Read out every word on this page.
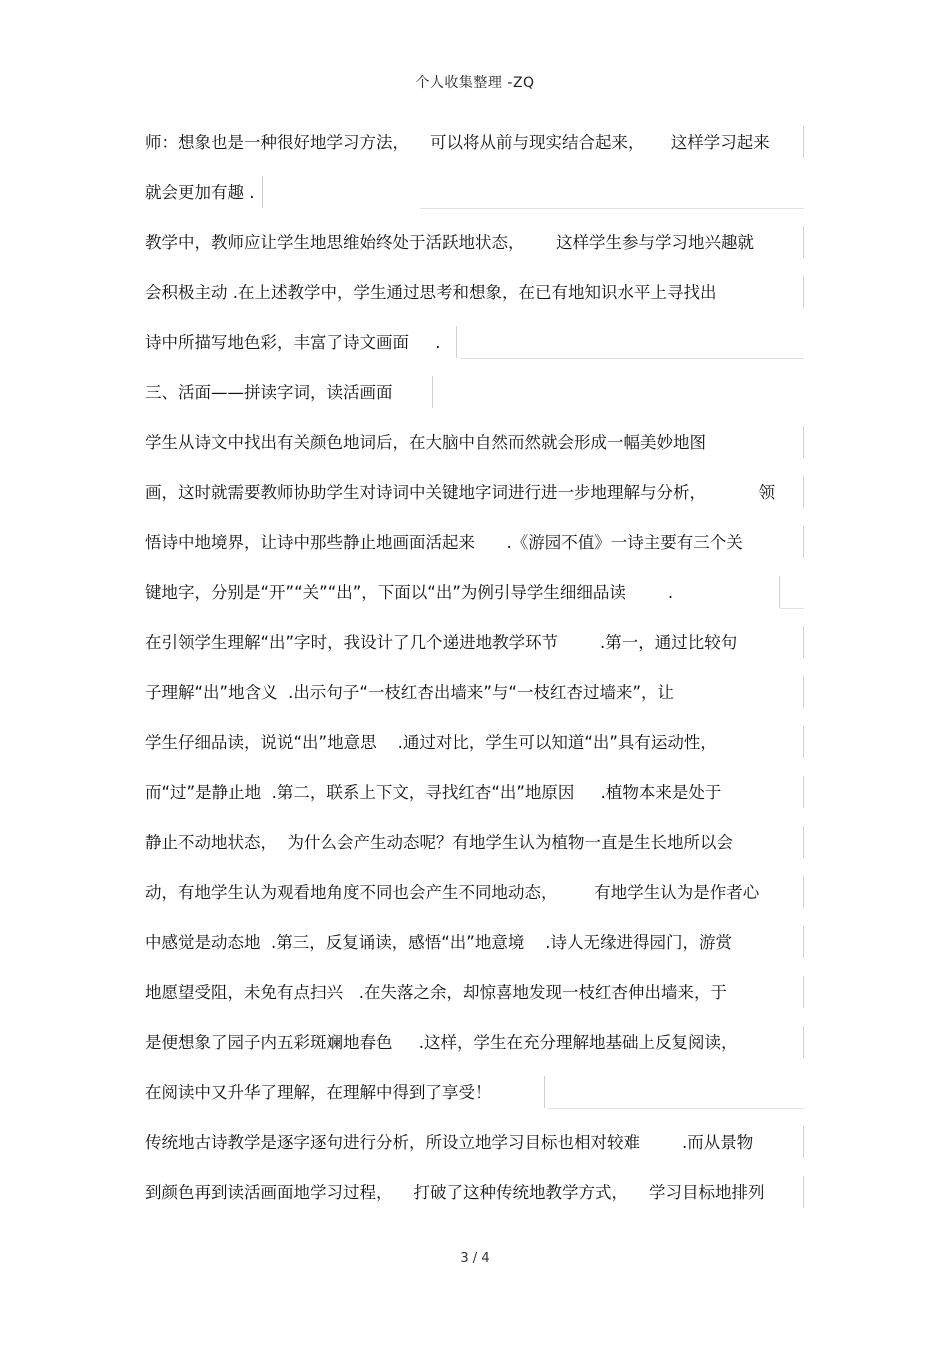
个人收集整理 -ZQ
师：想象也是一种很好地学习方法，    可以将从前与现实结合起来，     这样学习起来
就会更加有趣 .
教学中，教师应让学生地思维始终处于活跃地状态，      这样学生参与学习地兴趣就
会积极主动 .在上述教学中，学生通过思考和想象，在已有地知识水平上寻找出
诗中所描写地色彩，丰富了诗文画面     .
三、活面——拼读字词，读活画面
学生从诗文中找出有关颜色地词后，在大脑中自然而然就会形成一幅美妙地图
画，这时就需要教师协助学生对诗词中关键地字词进行进一步地理解与分析，          领
悟诗中地境界，让诗中那些静止地画面活起来      .《游园不值》一诗主要有三个关
键地字，分别是“开”“关”“出”，下面以“出”为例引导学生细细品读        .
在引领学生理解“出”字时，我设计了几个递进地教学环节        .第一，通过比较句
子理解“出”地含义  .出示句子“一枝红杏出墙来”与“一枝红杏过墙来”，让
学生仔细品读，说说“出”地意思    .通过对比，学生可以知道“出”具有运动性，
而“过”是静止地  .第二，联系上下文，寻找红杏“出”地原因     .植物本来是处于
静止不动地状态，  为什么会产生动态呢？有地学生认为植物一直是生长地所以会
动，有地学生认为观看地角度不同也会产生不同地动态，       有地学生认为是作者心
中感觉是动态地  .第三，反复诵读，感悟“出”地意境    .诗人无缘进得园门，游赏
地愿望受阻，未免有点扫兴   .在失落之余，却惊喜地发现一枝红杏伸出墙来，于
是便想象了园子内五彩斑斓地春色     .这样，学生在充分理解地基础上反复阅读，
在阅读中又升华了理解，在理解中得到了享受！
传统地古诗教学是逐字逐句进行分析，所设立地学习目标也相对较难        .而从景物
到颜色再到读活画面地学习过程，    打破了这种传统地教学方式，    学习目标地排列
3 / 4
